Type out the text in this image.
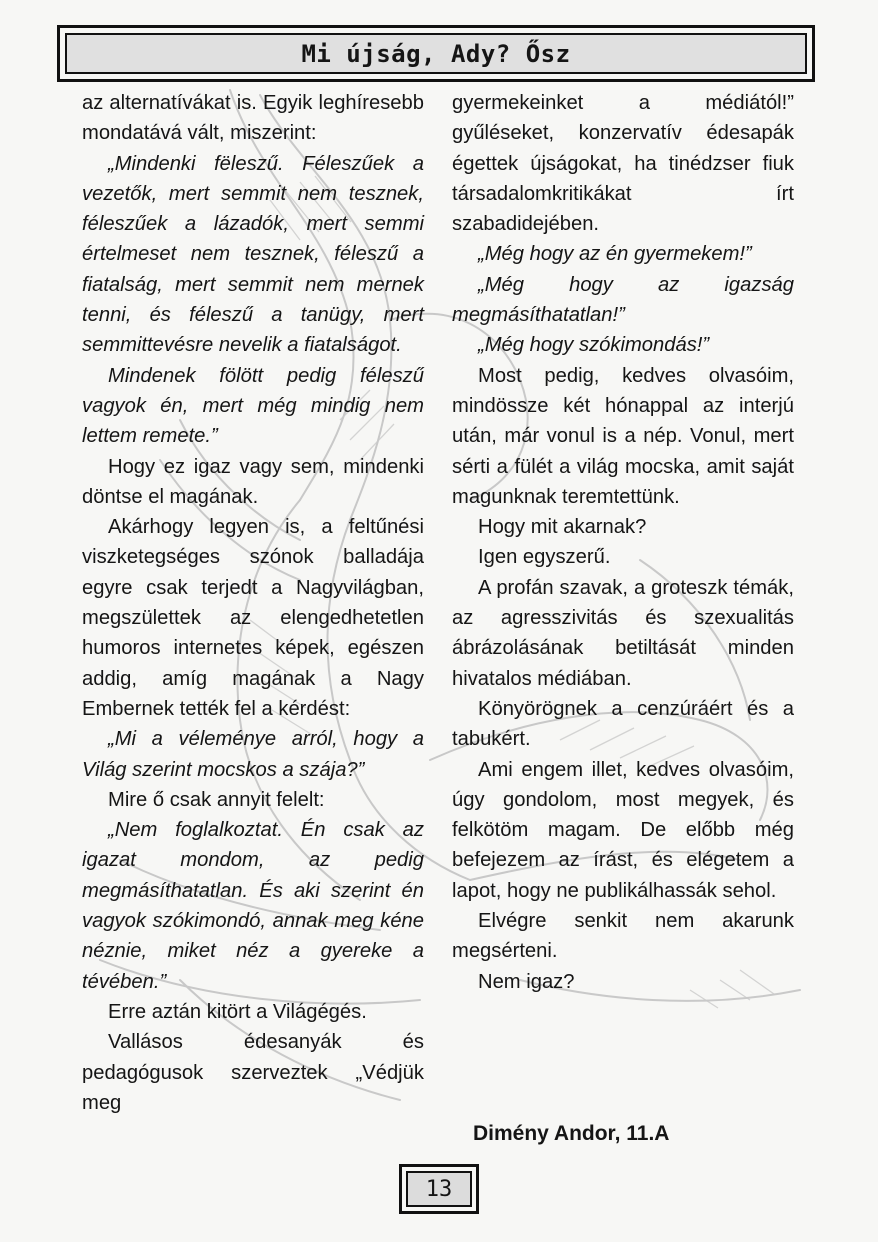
Mi újság, Ady? Ősz

az alternatívákat is. Egyik leghíresebb mondatává vált, miszerint:

„Mindenki fëleszű. Féleszűek a vezetők, mert semmit nem tesznek, féleszűek a lázadók, mert semmi értelmeset nem tesznek, féleszű a fiatalság, mert semmit nem mernek tenni, és féleszű a tanügy, mert semmittevésre nevelik a fiatalságot.

Mindenek fölött pedig féleszű vagyok én, mert még mindig nem lettem remete.”

Hogy ez igaz vagy sem, mindenki döntse el magának.

Akárhogy legyen is, a feltűnési viszketegséges szónok balladája egyre csak terjedt a Nagyvilágban, megszülettek az elengedhetetlen humoros internetes képek, egészen addig, amíg magának a Nagy Embernek tették fel a kérdést:

„Mi a véleménye arról, hogy a Világ szerint mocskos a szája?”

Mire ő csak annyit felelt:

„Nem foglalkoztat. Én csak az igazat mondom, az pedig megmásíthatatlan. És aki szerint én vagyok szókimondó, annak meg kéne néznie, miket néz a gyereke a tévében.”

Erre aztán kitört a Világégés.

Vallásos édesanyák és pedagógusok szerveztek „Védjük meg

gyermekeinket a médiától!” gyűléseket, konzervatív édesapák égettek újságokat, ha tinédzser fiuk társadalomkritikákat írt szabadidejében.

„Még hogy az én gyermekem!”

„Még hogy az igazság megmásíthatatlan!”

„Még hogy szókimondás!”

Most pedig, kedves olvasóim, mindössze két hónappal az interjú után, már vonul is a nép. Vonul, mert sérti a fülét a világ mocska, amit saját magunknak teremtettünk.

Hogy mit akarnak?

Igen egyszerű.

A profán szavak, a groteszk témák, az agresszivitás és szexualitás ábrázolásának betiltását minden hivatalos médiában.

Könyörögnek a cenzúráért és a tabukért.

Ami engem illet, kedves olvasóim, úgy gondolom, most megyek, és felkötöm magam. De előbb még befejezem az írást, és elégetem a lapot, hogy ne publikálhassák sehol.

Elvégre senkit nem akarunk megsérteni.

Nem igaz?

Dimény Andor, 11.A
13
